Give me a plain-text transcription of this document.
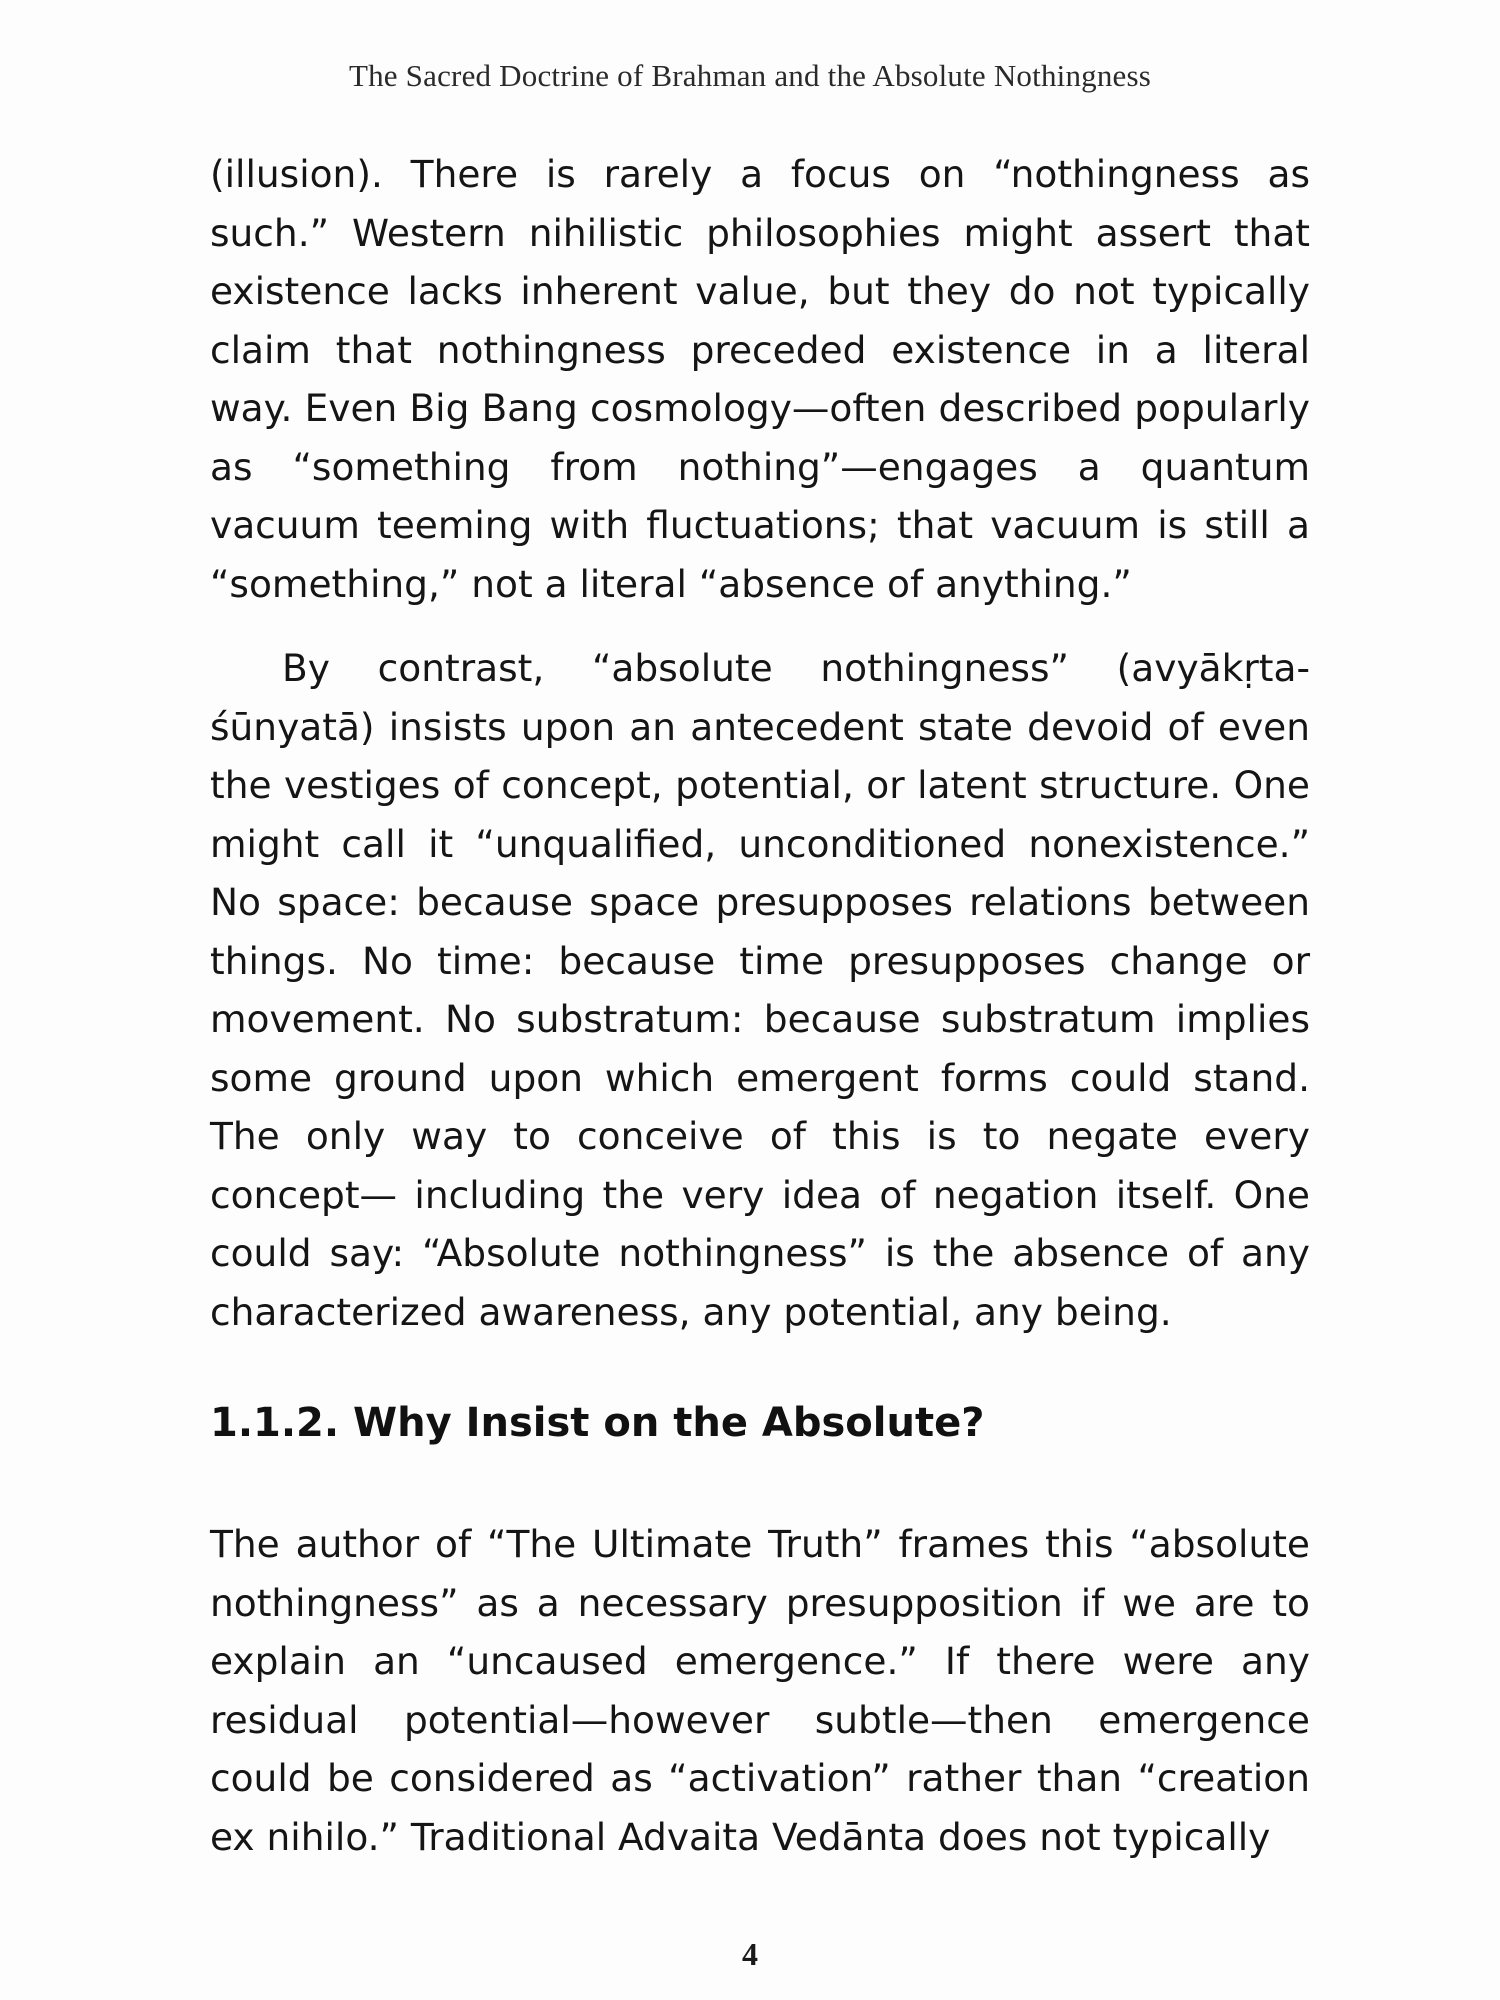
The Sacred Doctrine of Brahman and the Absolute Nothingness

(illusion). There is rarely a focus on “nothingness as such.” Western nihilistic philosophies might assert that existence lacks inherent value, but they do not typically claim that nothingness preceded existence in a literal way. Even Big Bang cosmology—often described popularly as “something from nothing”—engages a quantum vacuum teeming with fluctuations; that vacuum is still a “something,” not a literal “absence of anything.”

By contrast, “absolute nothingness” (avyākṛta-śūnyatā) insists upon an antecedent state devoid of even the vestiges of concept, potential, or latent structure. One might call it “unqualified, unconditioned nonexistence.” No space: because space presupposes relations between things. No time: because time presupposes change or movement. No substratum: because substratum implies some ground upon which emergent forms could stand. The only way to conceive of this is to negate every concept— including the very idea of negation itself. One could say: “Absolute nothingness” is the absence of any characterized awareness, any potential, any being.

1.1.2. Why Insist on the Absolute?

The author of “The Ultimate Truth” frames this “absolute nothingness” as a necessary presupposition if we are to explain an “uncaused emergence.” If there were any residual potential—however subtle—then emergence could be considered as “activation” rather than “creation ex nihilo.” Traditional Advaita Vedānta does not typically

4
